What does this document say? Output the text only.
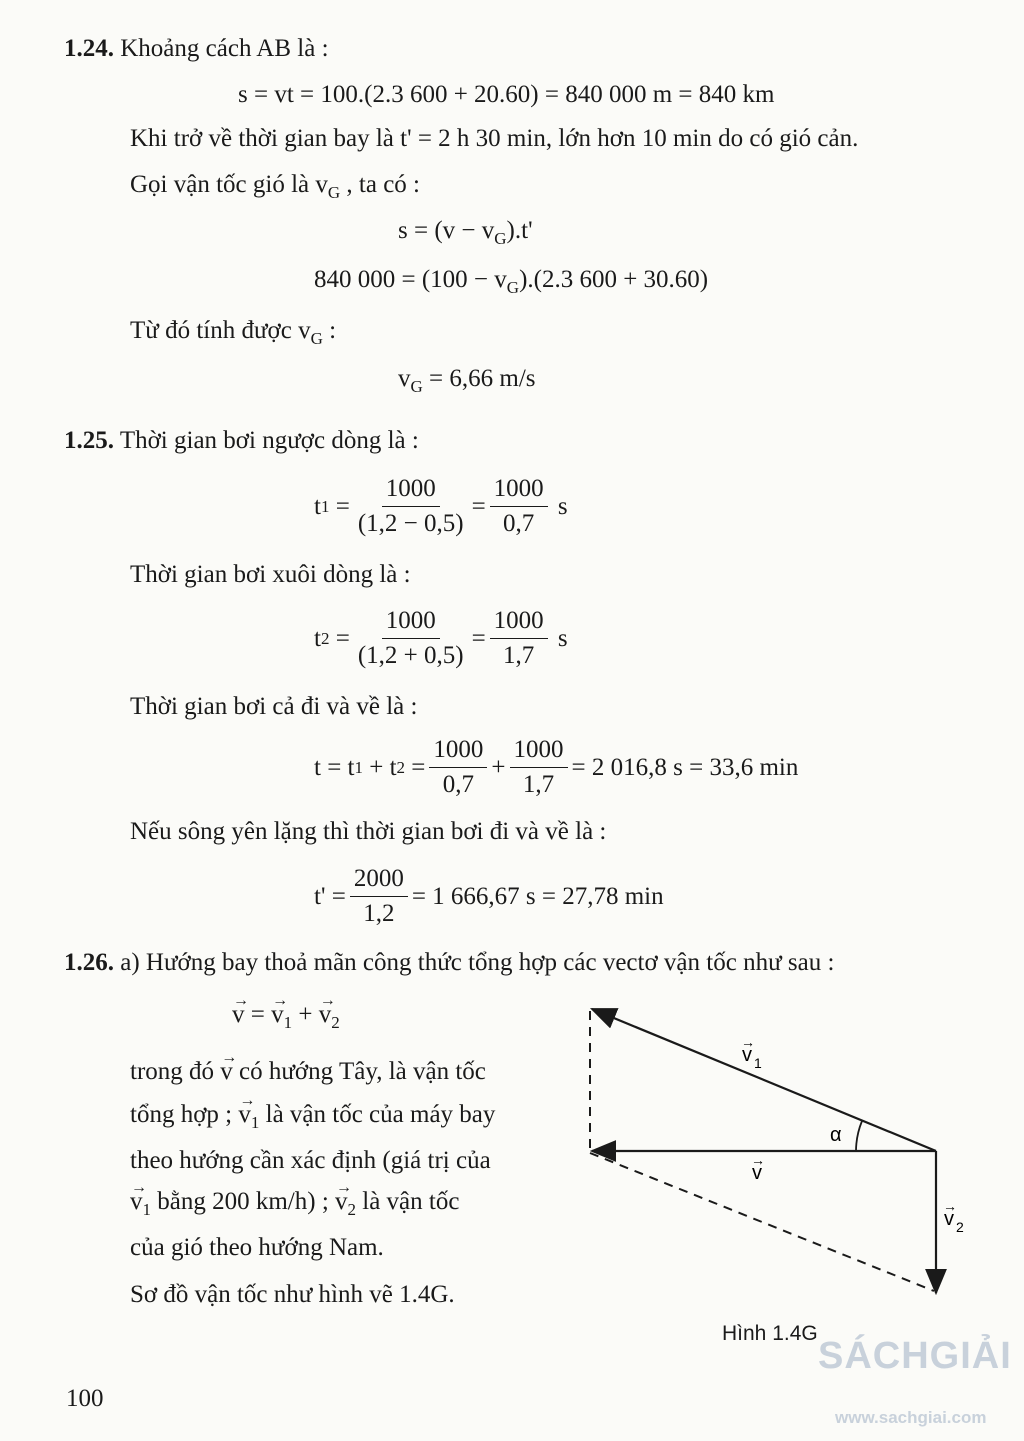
1.24. Khoảng cách AB là :
s = vt = 100.(2.3 600 + 20.60) = 840 000 m = 840 km
Khi trở về thời gian bay là t' = 2 h 30 min, lớn hơn 10 min do có gió cản.
Gọi vận tốc gió là $v_G$ , ta có :
$s = (v - v_G).t'$
840 $000 = (100 - v_G).(2.3$ 600 + 30.60)
Từ đó tính được $v_G$ :
$v_G = 6,66$ m/s
1.25. Thời gian bơi ngược dòng là :
t 1
= $\frac{1000}{(1,2 - 0,5)} = \frac{1000}{0,7}$
s
Thời gian bơi xuôi dòng là :
t 2
= $\frac{1000}{(1,2 + 0,5)} = \frac{1000}{1,7}$
s
Thời gian bơi cả đi và về là :
t = t 1
+ t 2
= $\frac{1000}{0,7} + \frac{1000}{1,7} = 2$ 016,8 s = 33,6 min
Nếu sông yên lặng thì thời gian bơi đi và về là :
$t' = \frac{2000}{1,2} = 1$ 666,67 s = 27,78 min
1.26. a) Hướng bay thoả mãn công thức tổng hợp các vectơ vận tốc như sau :
→ v = → $v_1$ + → $v_2$
trong đó → v có hướng Tây, là vận tốc
tổng hợp ; → $v_1$ là vận tốc của máy bay
theo hướng cần xác định (giá trị của
→ $v_1$ bằng 200 km/h) ; → $v_2$ là vận tốc
của gió theo hướng Nam.
Sơ đồ vận tốc như hình vẽ 1.4G.
v 1
→
v
→
v 2
→
α
Hình 1.4G
100
SÁCHGIẢI
www.sachgiai.com
